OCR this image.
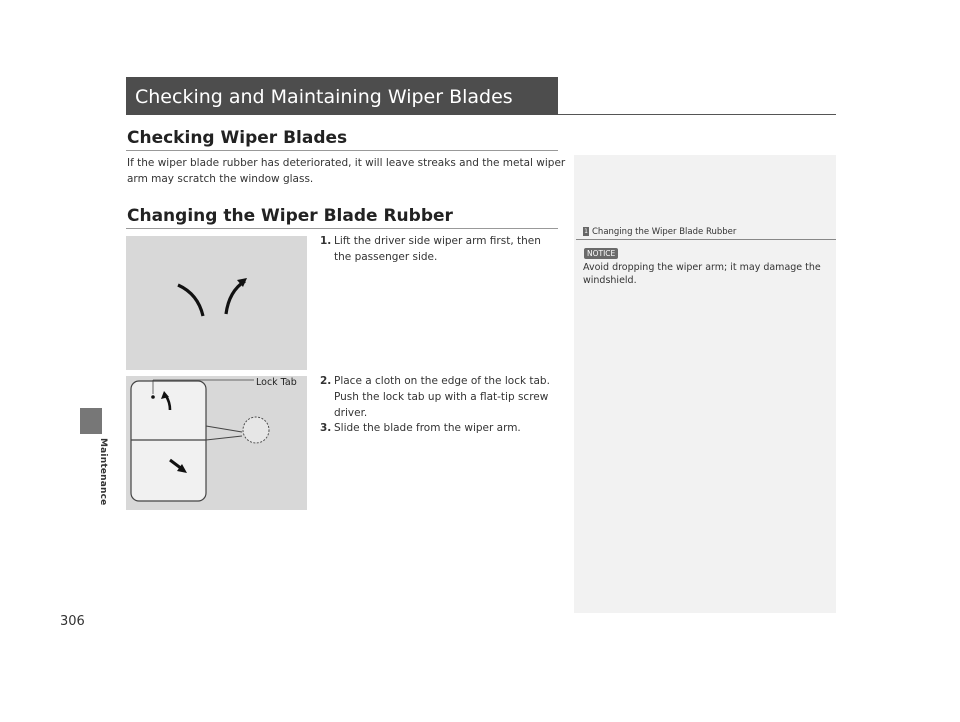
Maintenance
306
Checking and Maintaining Wiper Blades
Checking Wiper Blades

If the wiper blade rubber has deteriorated, it will leave streaks and the metal wiper arm may scratch the window glass.

Changing the Wiper Blade Rubber
Lock Tab
1. Lift the driver side wiper arm first, then the passenger side.
2. Place a cloth on the edge of the lock tab. Push the lock tab up with a flat-tip screw driver.
3. Slide the blade from the wiper arm.
1 Changing the Wiper Blade Rubber
NOTICE

Avoid dropping the wiper arm; it may damage the windshield.
